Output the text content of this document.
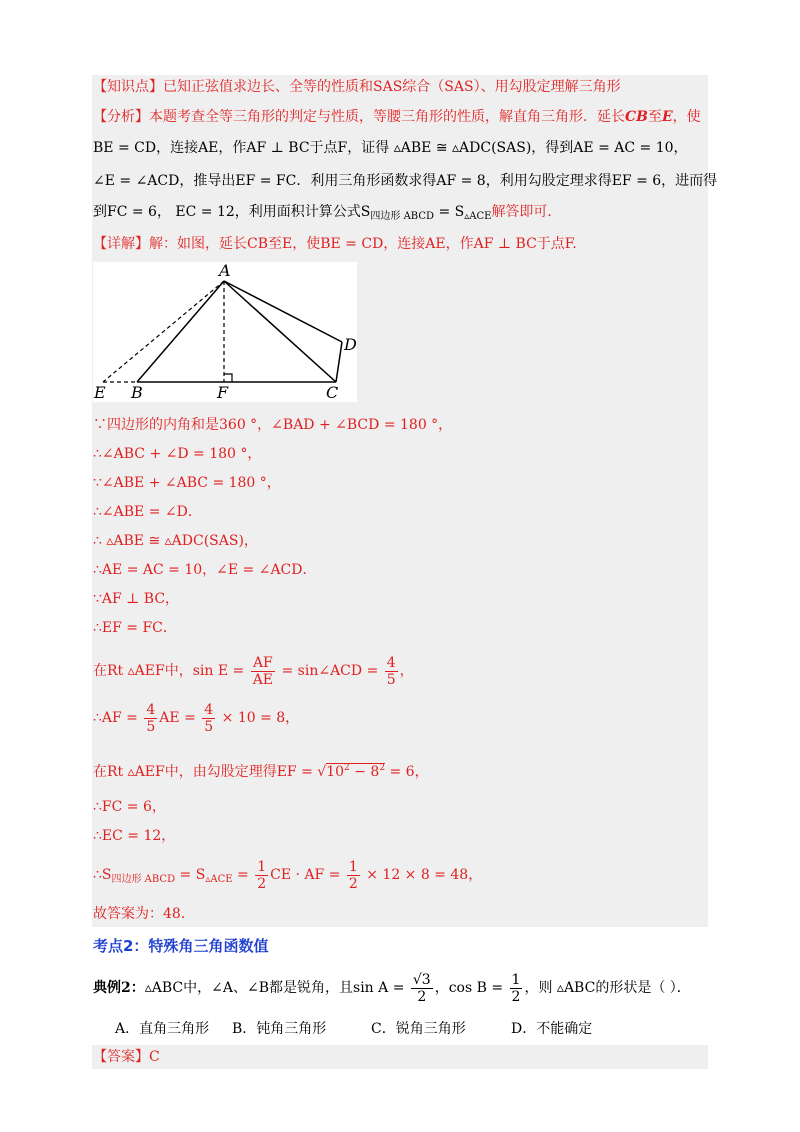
【知识点】已知正弦值求边长、全等的性质和SAS综合（SAS）、用勾股定理解三角形
【分析】本题考查全等三角形的判定与性质，等腰三角形的性质，解直角三角形．延长CB至E，使
BE = CD，连接AE，作AF ⊥ BC于点F，证得 ▵ABE ≅ ▵ADC(SAS)，得到AE = AC = 10，
∠E = ∠ACD，推导出EF = FC．利用三角形函数求得AF = 8，利用勾股定理求得EF = 6，进而得
到FC = 6， EC = 12，利用面积计算公式$S_{四边形 ABCD} = S_{▵ACE}$解答即可．
【详解】解：如图，延长CB至E，使BE = CD，连接AE，作AF ⊥ BC于点F.
A
B	C
D
E	F
∵四边形的内角和是360 °，∠BAD + ∠BCD = 180 °，
∴∠ABC + ∠D = 180 °，
∵∠ABE + ∠ABC = 180 °，
∴∠ABE = ∠D．
∴ ▵ABE ≅ ▵ADC(SAS)，
∴AE = AC = 10，∠E = ∠ACD．
∵AF ⊥ BC，
∴EF = FC．
在Rt ▵AEF中，$\sin E = \frac{AF}{AE}$ = sin∠ACD = $\frac{4}{5}$ ，
∴AF = $\frac{4}{5}$ AE = $\frac{4}{5} \times 10 = 8$，
在Rt ▵AEF中，由勾股定理得EF = $√10^2 - 8^2 = 6$，
∴FC = 6，
∴EC = 12，
$\therefore S_{四边形 ABCD} = S_{▵ACE} = \frac{1}{2}$ CE · AF = $\frac{1}{2} \times 12 \times 8 = 48$，
故答案为：48．
考点2：特殊角三角函数值
典例2：▵ABC中，∠A、∠B都是锐角，且$\sin A = \frac{√3}{2}$ ，$\cos B = \frac{1}{2}$ ，则 ▵ABC的形状是（ ）．
A．直角三角形 B．钝角三角形	C．锐角三角形	D．不能确定
【答案】C
